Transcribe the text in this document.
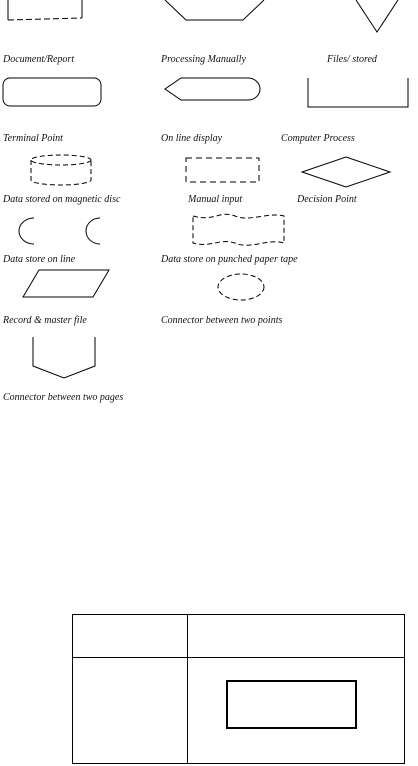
Document/Report	Processing Manually	Files/ stored
Terminal Point	On line display	Computer Process
Data stored on magnetic disc	Manual input	Decision Point
Data store on line	Data store on punched paper tape
Record & master file	Connector between two points
Connector between two pages
